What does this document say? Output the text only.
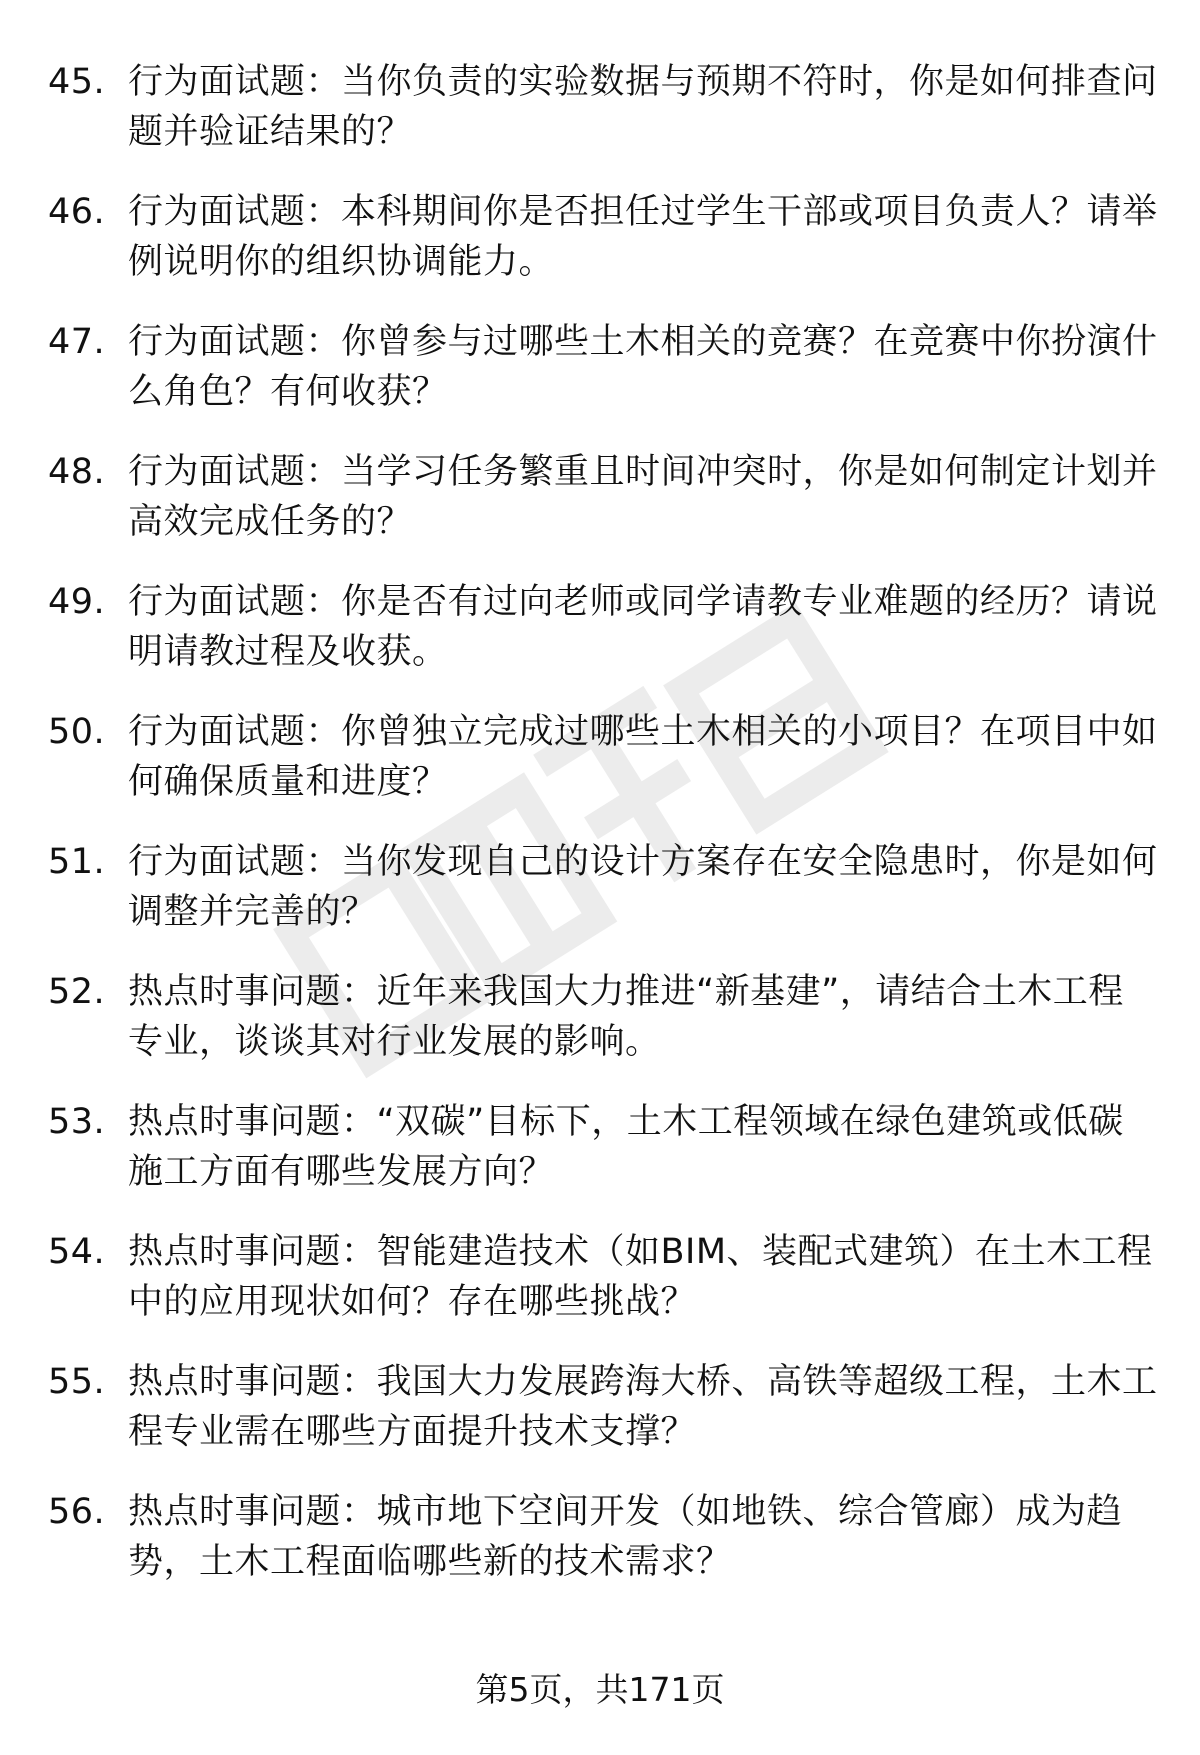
45. 行为面试题：当你负责的实验数据与预期不符时，你是如何排查问题并验证结果的？
46. 行为面试题：本科期间你是否担任过学生干部或项目负责人？请举例说明你的组织协调能力。
47. 行为面试题：你曾参与过哪些土木相关的竞赛？在竞赛中你扮演什么角色？有何收获？
48. 行为面试题：当学习任务繁重且时间冲突时，你是如何制定计划并高效完成任务的？
49. 行为面试题：你是否有过向老师或同学请教专业难题的经历？请说明请教过程及收获。
50. 行为面试题：你曾独立完成过哪些土木相关的小项目？在项目中如何确保质量和进度？
51. 行为面试题：当你发现自己的设计方案存在安全隐患时，你是如何调整并完善的？
52. 热点时事问题：近年来我国大力推进“新基建”，请结合土木工程专业，谈谈其对行业发展的影响。
53. 热点时事问题：“双碳”目标下，土木工程领域在绿色建筑或低碳施工方面有哪些发展方向？
54. 热点时事问题：智能建造技术（如BIM、装配式建筑）在土木工程中的应用现状如何？存在哪些挑战？
55. 热点时事问题：我国大力发展跨海大桥、高铁等超级工程，土木工程专业需在哪些方面提升技术支撑？
56. 热点时事问题：城市地下空间开发（如地铁、综合管廊）成为趋势，土木工程面临哪些新的技术需求？
第5页，共171页
